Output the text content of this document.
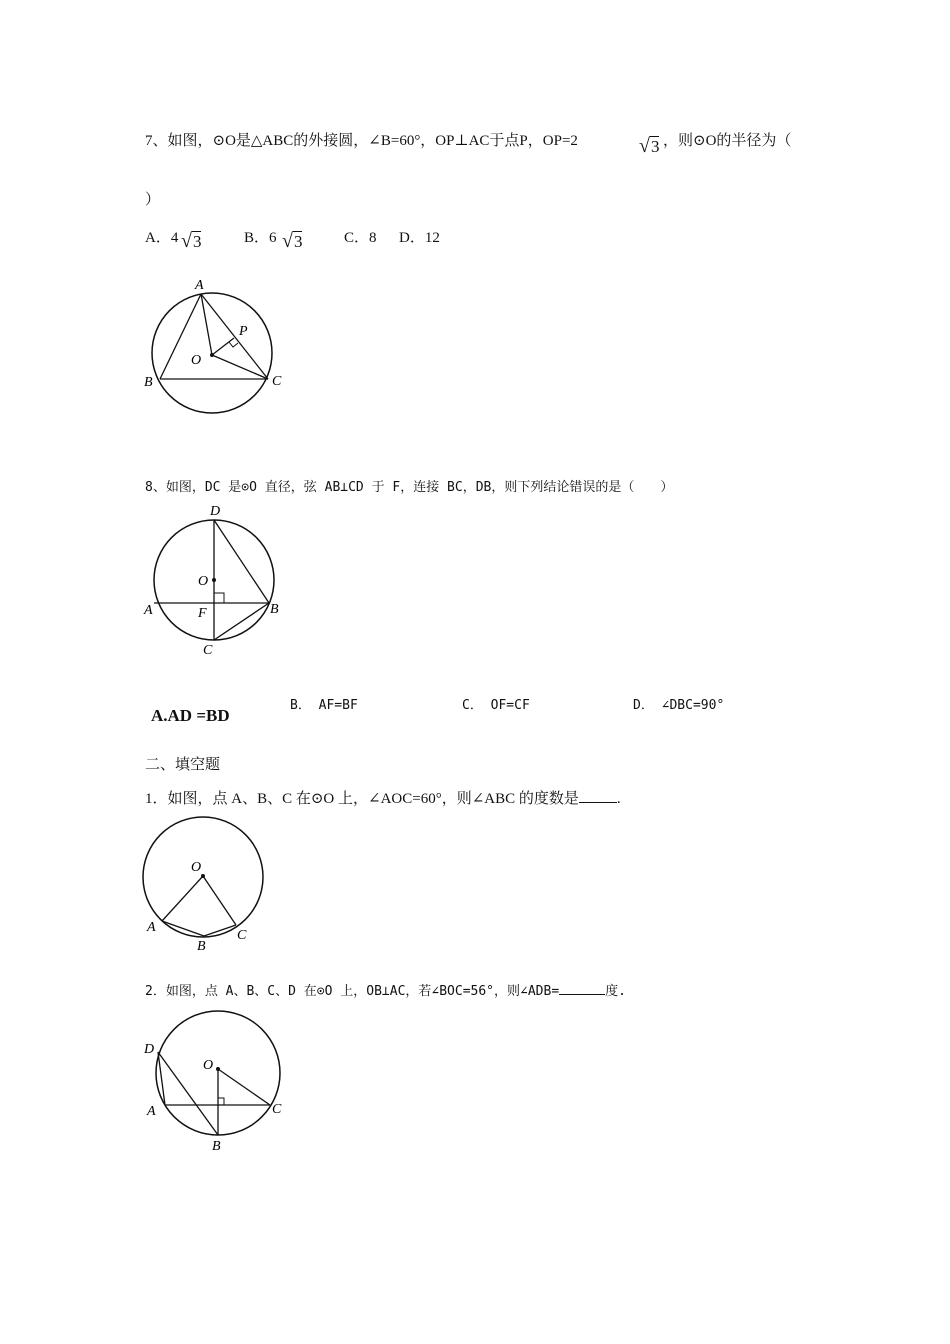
7、如图，⊙O是△ABC的外接圆，∠B=60°，OP⊥AC于点P，OP=2	√3 ，则⊙O的半径为（
）
A．4 √3	B．6 √3	C．8 D．12
A
P
O
B	C
8、如图，DC 是⊙O 直径，弦 AB⊥CD 于 F，连接 BC，DB，则下列结论错误的是（　　）
D
O
A	F	B
C
A.AD =BD
B． AF=BF	C． OF=CF	D． ∠DBC=90°
二、填空题
1．如图，点 A、B、C 在⊙O 上，∠AOC=60°，则∠ABC 的度数是	.
O
A
B
C
2．如图，点 A、B、C、D 在⊙O 上，OB⊥AC，若∠BOC=56°，则∠ADB=	度.
D
O
A	C
B
